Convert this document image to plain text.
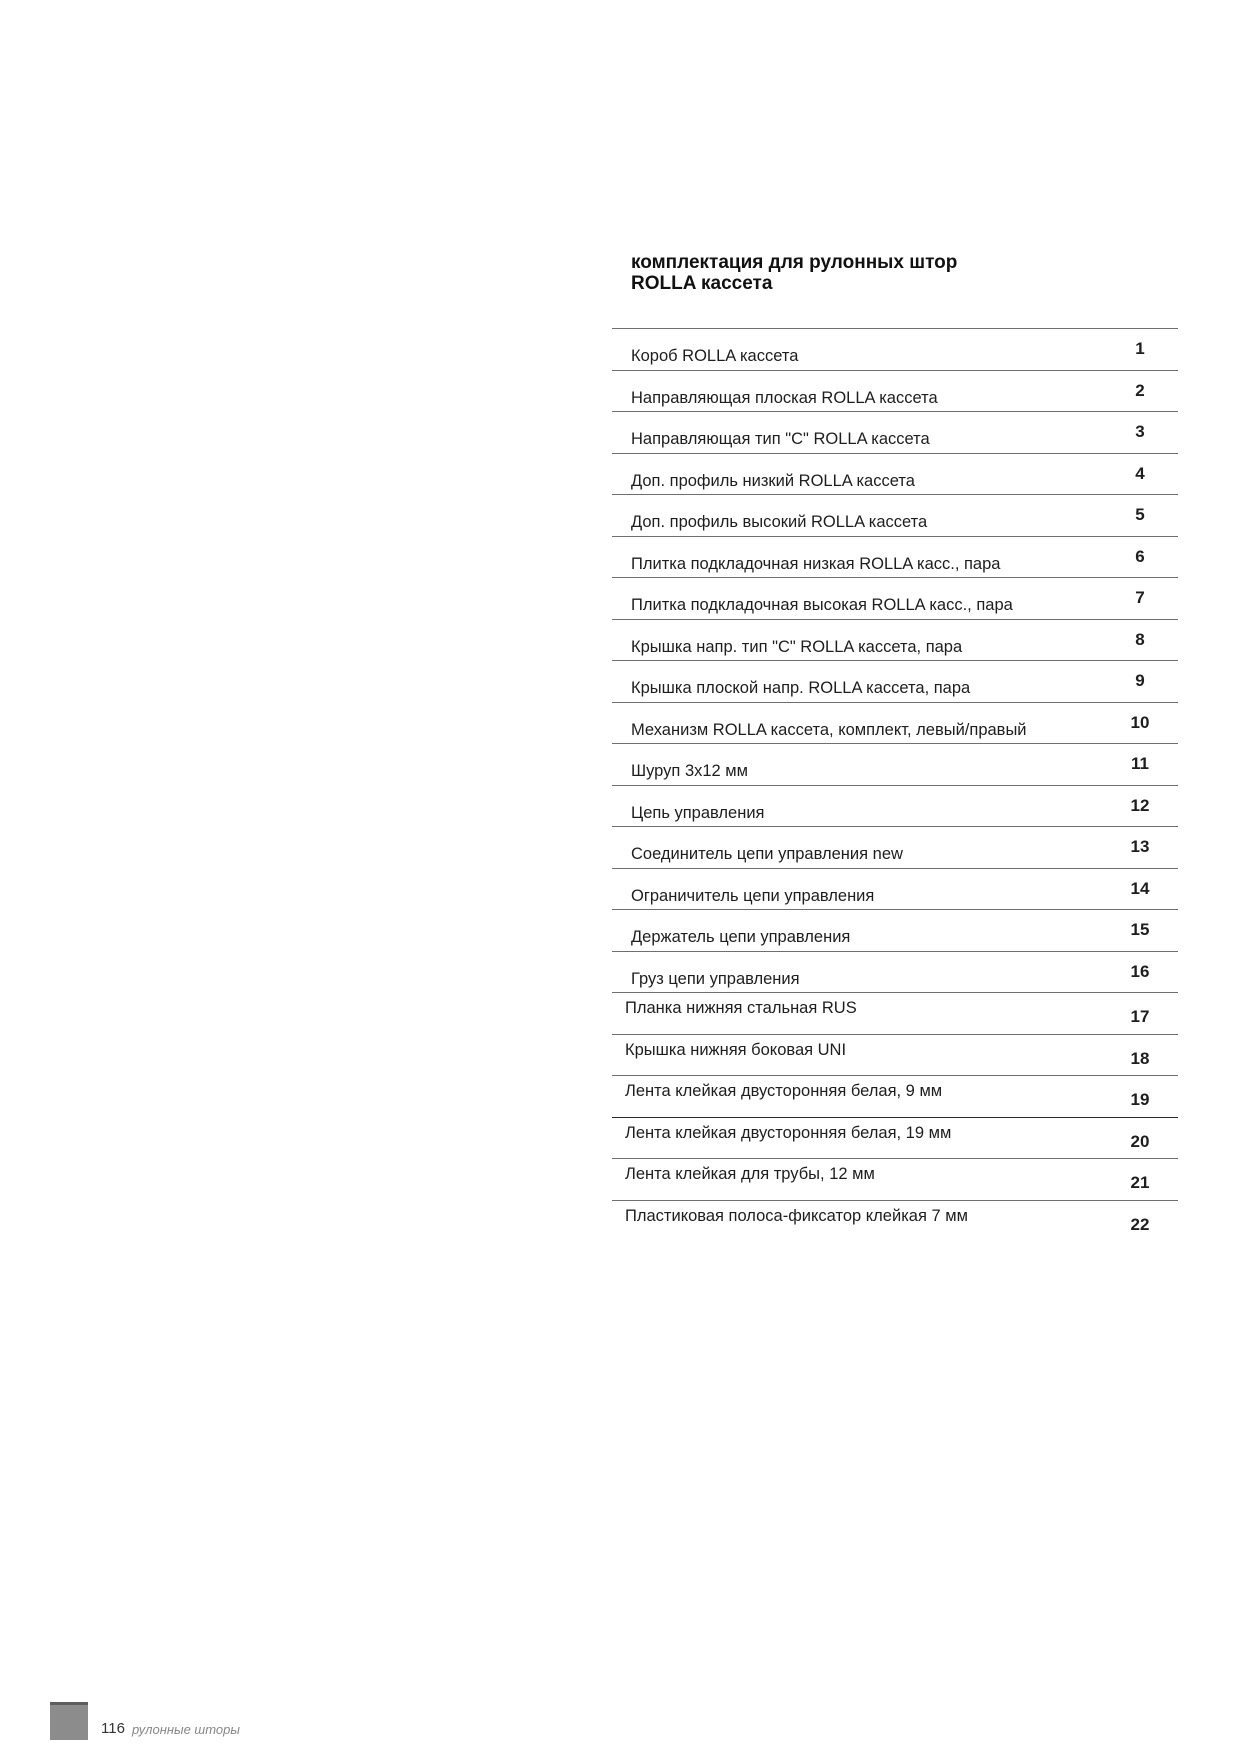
комплектация для рулонных штор
ROLLA кассета
Короб ROLLA кассета	1
Направляющая плоская ROLLA кассета	2
Направляющая тип "C" ROLLA кассета	3
Доп. профиль низкий ROLLA кассета	4
Доп. профиль высокий ROLLA кассета	5
Плитка подкладочная низкая ROLLA касс., пара	6
Плитка подкладочная высокая ROLLA касс., пара	7
Крышка напр. тип "C" ROLLA кассета, пара	8
Крышка плоской напр. ROLLA кассета, пара	9
Механизм ROLLA кассета, комплект, левый/правый	10
Шуруп 3x12 мм	11
Цепь управления	12
Соединитель цепи управления new	13
Ограничитель цепи управления	14
Держатель цепи управления	15
Груз цепи управления	16
Планка нижняя стальная RUS	17
Крышка нижняя боковая UNI	18
Лента клейкая двусторонняя белая, 9 мм	19
Лента клейкая двусторонняя белая, 19 мм	20
Лента клейкая для трубы, 12 мм	21
Пластиковая полоса-фиксатор клейкая 7 мм	22
116 рулонные шторы
